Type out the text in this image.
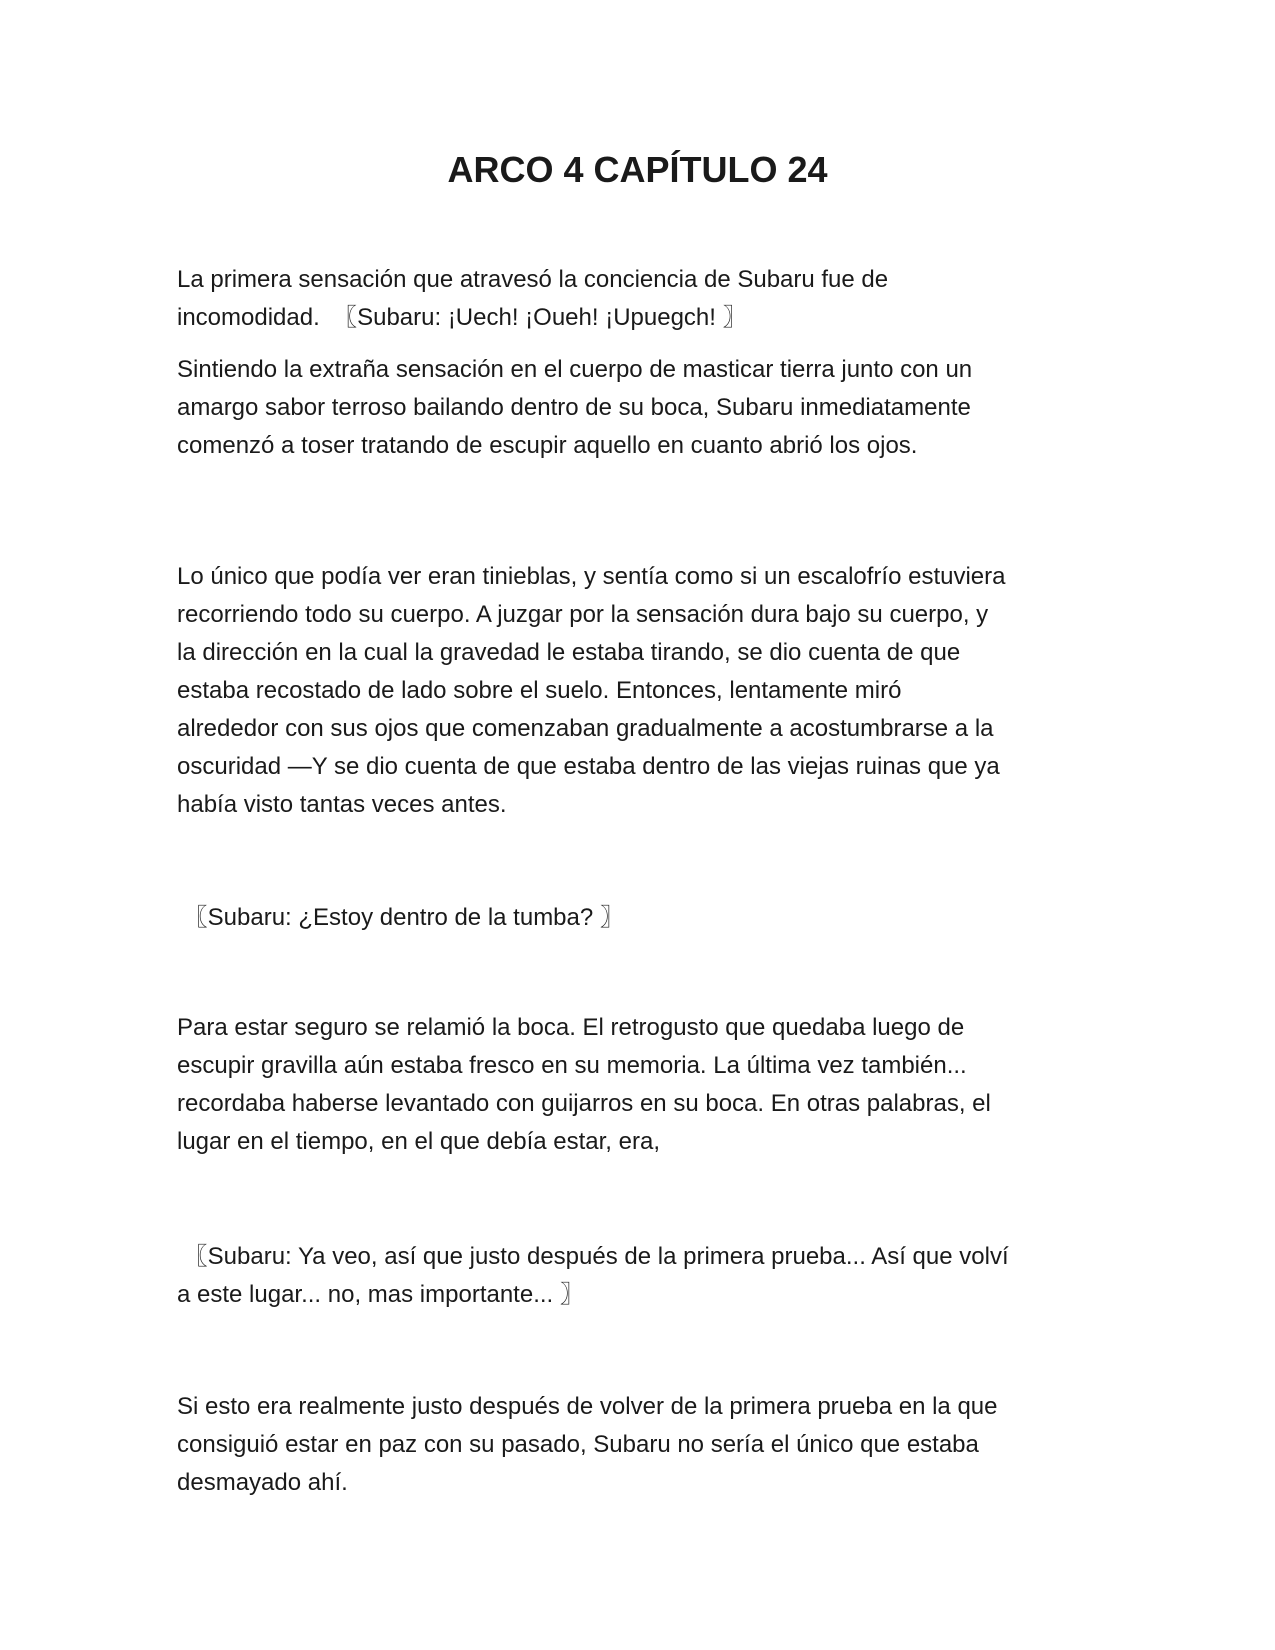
ARCO 4 CAPÍTULO 24

La primera sensación que atravesó la conciencia de Subaru fue de
incomodidad.  〖Subaru: ¡Uech! ¡Oueh! ¡Upuegch! 〗

Sintiendo la extraña sensación en el cuerpo de masticar tierra junto con un
amargo sabor terroso bailando dentro de su boca, Subaru inmediatamente
comenzó a toser tratando de escupir aquello en cuanto abrió los ojos.

Lo único que podía ver eran tinieblas, y sentía como si un escalofrío estuviera
recorriendo todo su cuerpo. A juzgar por la sensación dura bajo su cuerpo, y
la dirección en la cual la gravedad le estaba tirando, se dio cuenta de que
estaba recostado de lado sobre el suelo. Entonces, lentamente miró
alrededor con sus ojos que comenzaban gradualmente a acostumbrarse a la
oscuridad —Y se dio cuenta de que estaba dentro de las viejas ruinas que ya
había visto tantas veces antes.

〖Subaru: ¿Estoy dentro de la tumba? 〗

Para estar seguro se relamió la boca. El retrogusto que quedaba luego de
escupir gravilla aún estaba fresco en su memoria. La última vez también...
recordaba haberse levantado con guijarros en su boca. En otras palabras, el
lugar en el tiempo, en el que debía estar, era,

〖Subaru: Ya veo, así que justo después de la primera prueba... Así que volví
a este lugar... no, mas importante... 〗

Si esto era realmente justo después de volver de la primera prueba en la que
consiguió estar en paz con su pasado, Subaru no sería el único que estaba
desmayado ahí.
